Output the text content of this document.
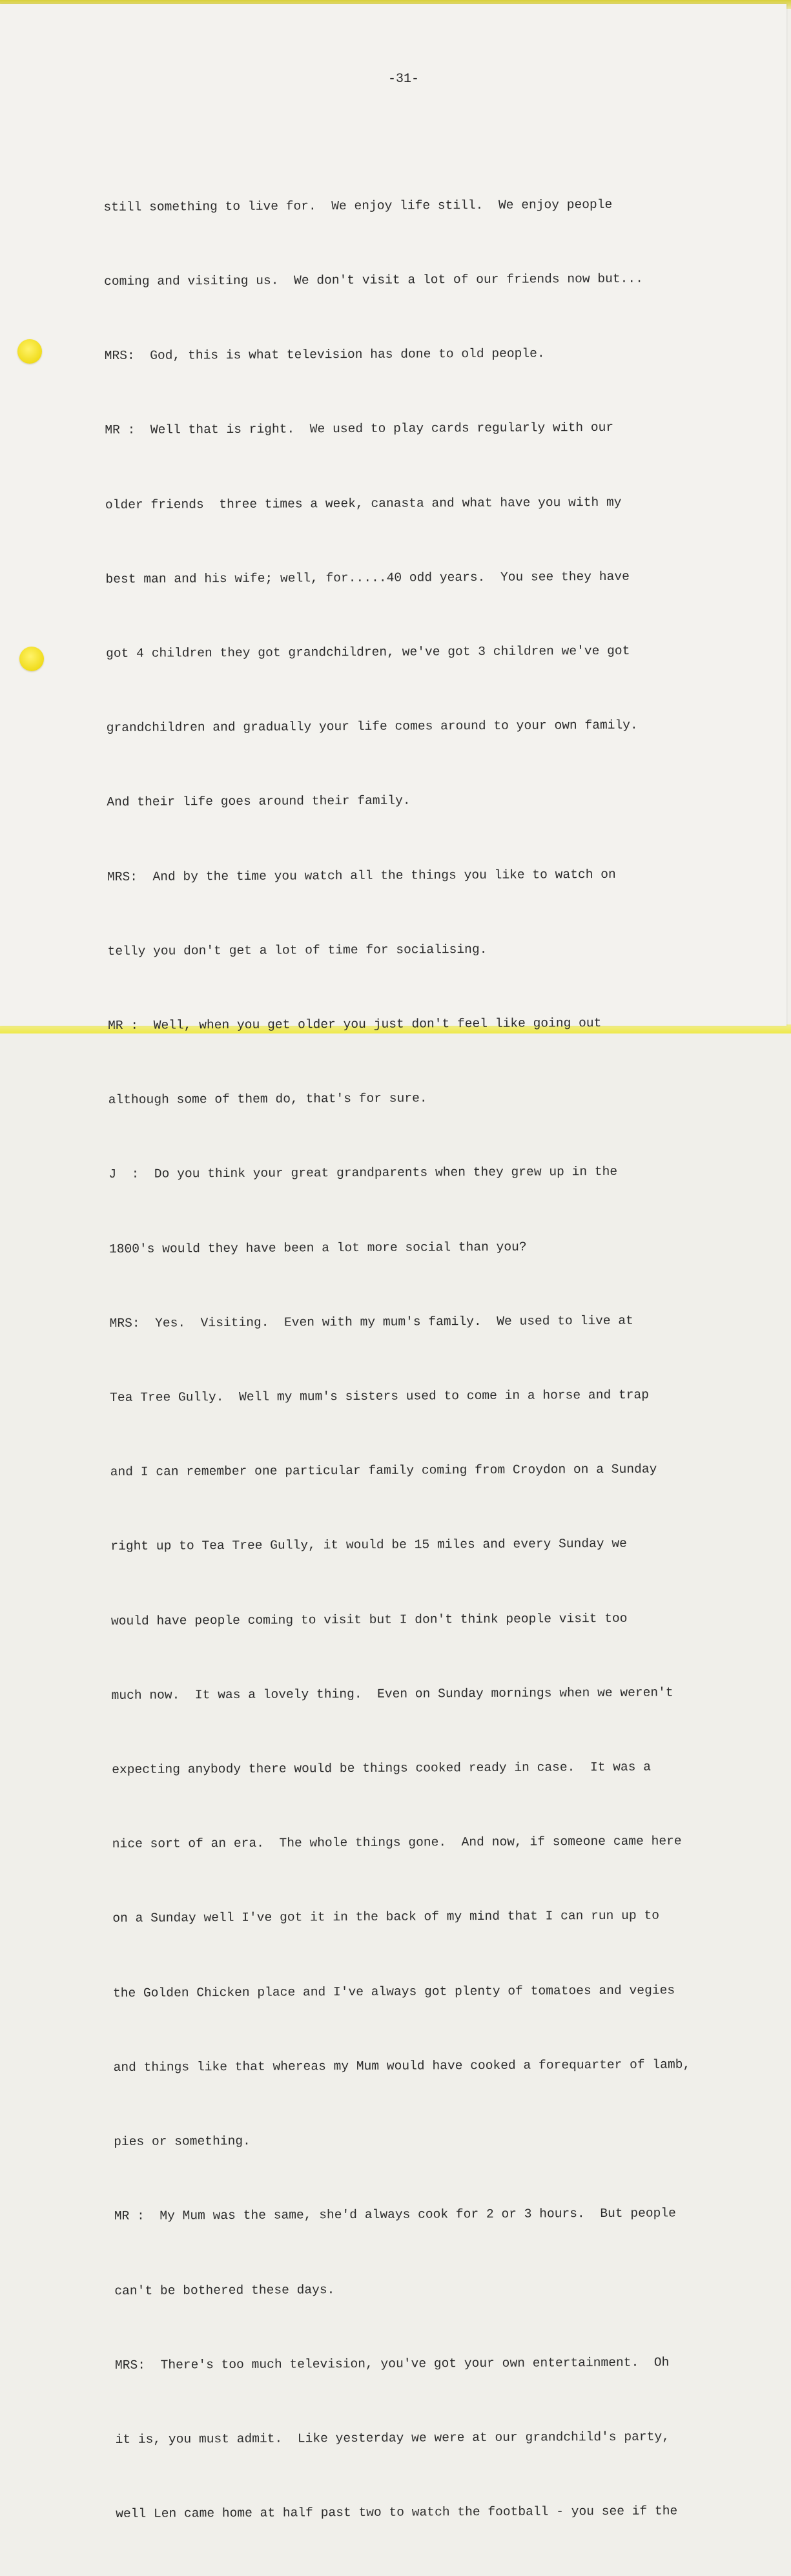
-31-

still something to live for.  We enjoy life still.  We enjoy people

coming and visiting us.  We don't visit a lot of our friends now but...

MRS:  God, this is what television has done to old people.

MR :  Well that is right.  We used to play cards regularly with our

older friends  three times a week, canasta and what have you with my

best man and his wife; well, for.....40 odd years.  You see they have

got 4 children they got grandchildren, we've got 3 children we've got

grandchildren and gradually your life comes around to your own family.

And their life goes around their family.

MRS:  And by the time you watch all the things you like to watch on

telly you don't get a lot of time for socialising.

MR :  Well, when you get older you just don't feel like going out

although some of them do, that's for sure.

J  :  Do you think your great grandparents when they grew up in the

1800's would they have been a lot more social than you?

MRS:  Yes.  Visiting.  Even with my mum's family.  We used to live at

Tea Tree Gully.  Well my mum's sisters used to come in a horse and trap

and I can remember one particular family coming from Croydon on a Sunday

right up to Tea Tree Gully, it would be 15 miles and every Sunday we

would have people coming to visit but I don't think people visit too

much now.  It was a lovely thing.  Even on Sunday mornings when we weren't

expecting anybody there would be things cooked ready in case.  It was a

nice sort of an era.  The whole things gone.  And now, if someone came here

on a Sunday well I've got it in the back of my mind that I can run up to

the Golden Chicken place and I've always got plenty of tomatoes and vegies

and things like that whereas my Mum would have cooked a forequarter of lamb,

pies or something.

MR :  My Mum was the same, she'd always cook for 2 or 3 hours.  But people

can't be bothered these days.

MRS:  There's too much television, you've got your own entertainment.  Oh

it is, you must admit.  Like yesterday we were at our grandchild's party,

well Len came home at half past two to watch the football - you see if the
